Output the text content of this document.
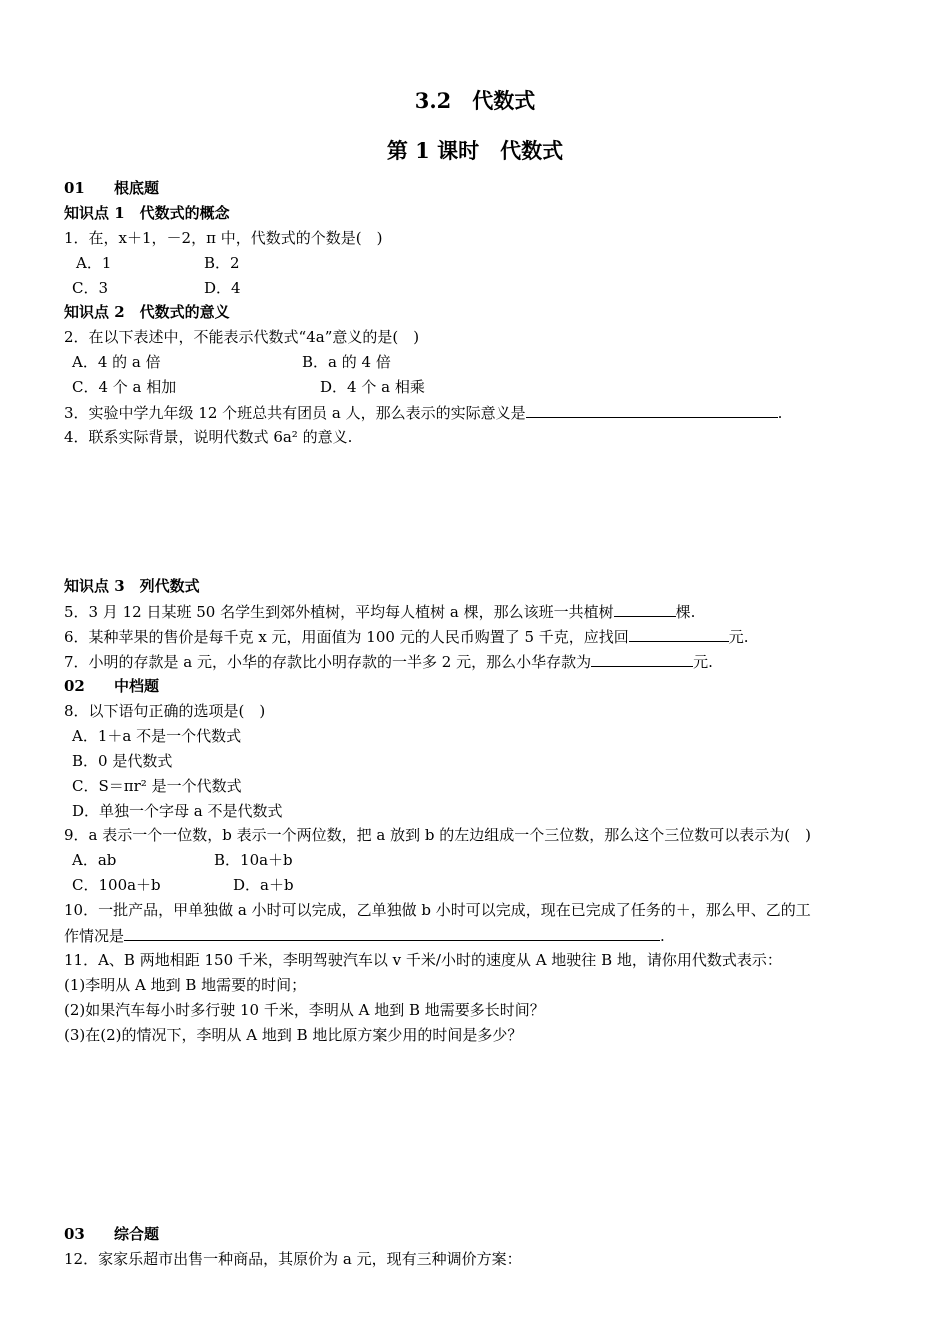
3.2　代数式
第 1 课时　代数式
01 根底题
知识点 1　代数式的概念
1．在，x＋1，－2，π 中，代数式的个数是(　)
A．1	B．2
C．3	D．4
知识点 2　代数式的意义
2．在以下表述中，不能表示代数式“4a”意义的是(　)
A．4 的 a 倍	B．a 的 4 倍
C．4 个 a 相加	D．4 个 a 相乘
3．实验中学九年级 12 个班总共有团员 a 人，那么表示的实际意义是	.
4．联系实际背景，说明代数式 6a² 的意义.
知识点 3　列代数式
5．3 月 12 日某班 50 名学生到郊外植树，平均每人植树 a 棵，那么该班一共植树	棵.
6．某种苹果的售价是每千克 x 元，用面值为 100 元的人民币购置了 5 千克，应找回	元.
7．小明的存款是 a 元，小华的存款比小明存款的一半多 2 元，那么小华存款为	元.
02 中档题
8．以下语句正确的选项是(　)
A．1＋a 不是一个代数式
B．0 是代数式
C．S＝πr² 是一个代数式
D．单独一个字母 a 不是代数式
9．a 表示一个一位数，b 表示一个两位数，把 a 放到 b 的左边组成一个三位数，那么这个三位数可以表示为(　)
A．ab	B．10a＋b
C．100a＋b	D．a＋b
10．一批产品，甲单独做 a 小时可以完成，乙单独做 b 小时可以完成，现在已完成了任务的＋，那么甲、乙的工
作情况是	.
11．A、B 两地相距 150 千米，李明驾驶汽车以 v 千米/小时的速度从 A 地驶往 B 地，请你用代数式表示：
(1)李明从 A 地到 B 地需要的时间；
(2)如果汽车每小时多行驶 10 千米，李明从 A 地到 B 地需要多长时间？
(3)在(2)的情况下，李明从 A 地到 B 地比原方案少用的时间是多少？
03 综合题
12．家家乐超市出售一种商品，其原价为 a 元，现有三种调价方案：
